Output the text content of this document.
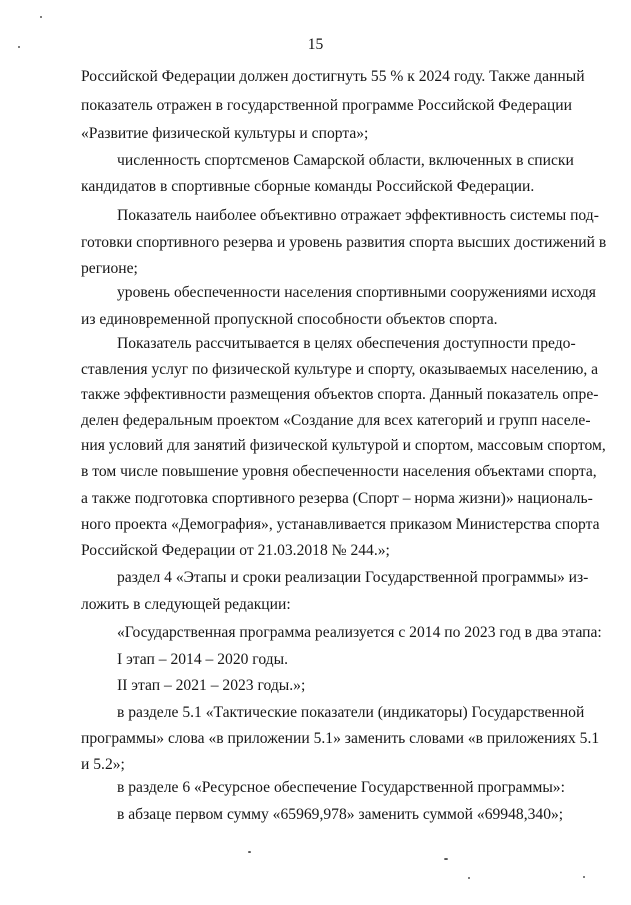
15
Российской Федерации должен достигнуть 55 % к 2024 году. Также данный
показатель отражен в государственной программе Российской Федерации
«Развитие физической культуры и спорта»;
численность спортсменов Самарской области, включенных в списки
кандидатов в спортивные сборные команды Российской Федерации.
Показатель наиболее объективно отражает эффективность системы под-
готовки спортивного резерва и уровень развития спорта высших достижений в
регионе;
уровень обеспеченности населения спортивными сооружениями исходя
из единовременной пропускной способности объектов спорта.
Показатель рассчитывается в целях обеспечения доступности предо-
ставления услуг по физической культуре и спорту, оказываемых населению, а
также эффективности размещения объектов спорта. Данный показатель опре-
делен федеральным проектом «Создание для всех категорий и групп населе-
ния условий для занятий физической культурой и спортом, массовым спортом,
в том числе повышение уровня обеспеченности населения объектами спорта,
а также подготовка спортивного резерва (Спорт – норма жизни)» националь-
ного проекта «Демография», устанавливается приказом Министерства спорта
Российской Федерации от 21.03.2018 № 244.»;
раздел 4 «Этапы и сроки реализации Государственной программы» из-
ложить в следующей редакции:
«Государственная программа реализуется с 2014 по 2023 год в два этапа:
I этап – 2014 – 2020 годы.
II этап – 2021 – 2023 годы.»;
в разделе 5.1 «Тактические показатели (индикаторы) Государственной
программы» слова «в приложении 5.1» заменить словами «в приложениях 5.1
и 5.2»;
в разделе 6 «Ресурсное обеспечение Государственной программы»:
в абзаце первом сумму «65969,978» заменить суммой «69948,340»;
